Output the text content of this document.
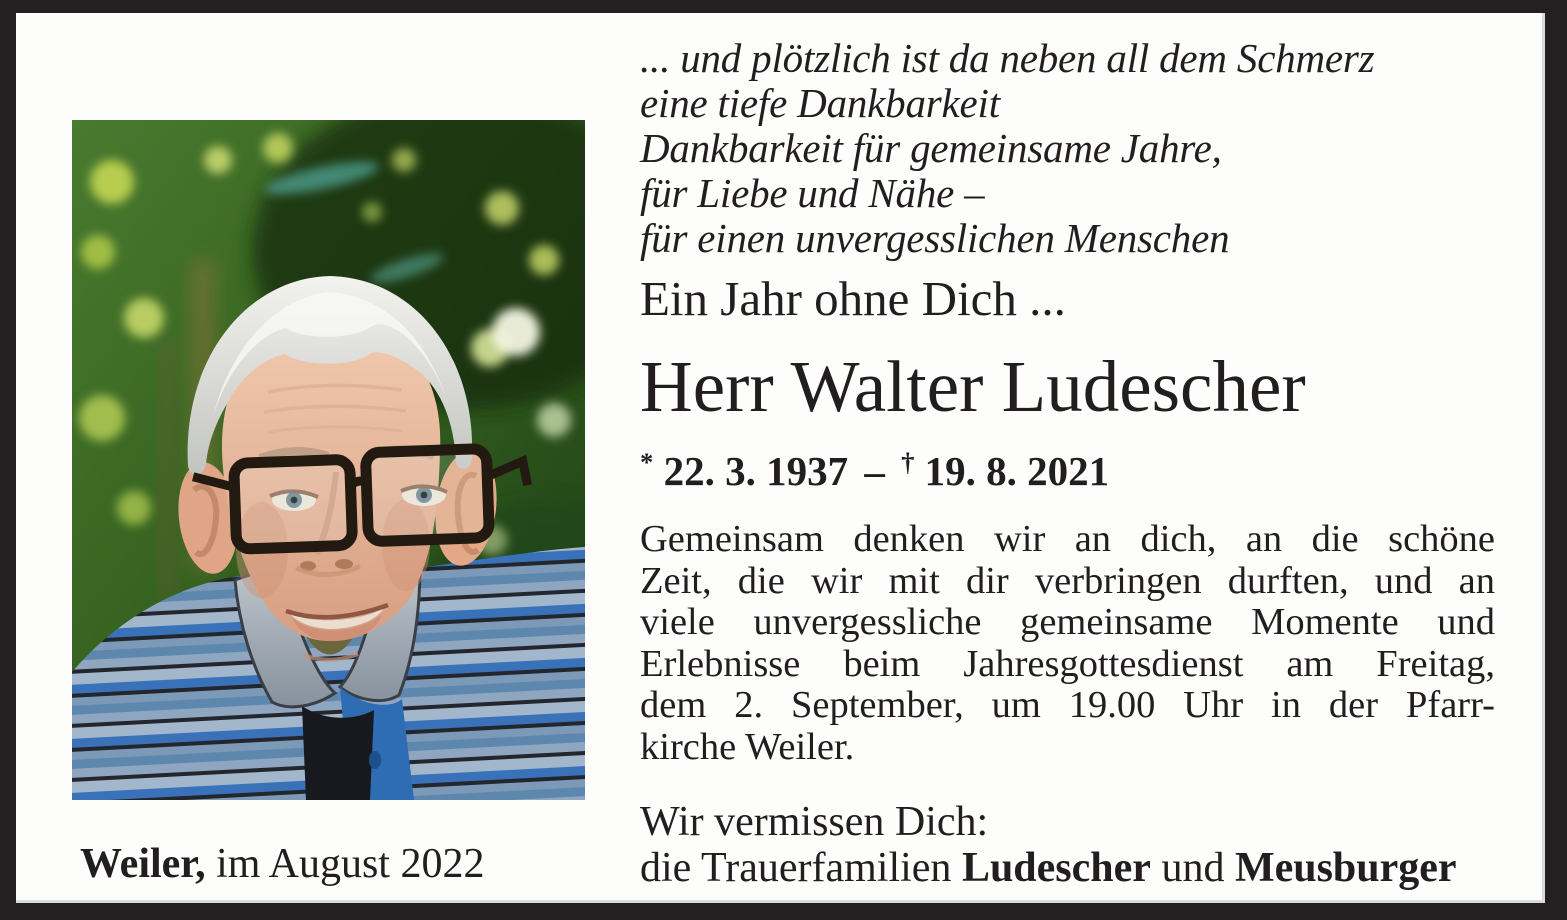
... und plötzlich ist da neben all dem Schmerz
eine tiefe Dankbarkeit
Dankbarkeit für gemeinsame Jahre,
für Liebe und Nähe –
für einen unvergesslichen Menschen
Ein Jahr ohne Dich ...
Herr Walter Ludescher
* 22. 3. 1937 – † 19. 8. 2021
Gemeinsam denken wir an dich, an die schöne
Zeit, die wir mit dir verbringen durften, und an
viele unvergessliche gemeinsame Momente und
Erlebnisse beim Jahresgottesdienst am Freitag,
dem 2. September, um 19.00 Uhr in der Pfarr-
kirche Weiler.
Wir vermissen Dich:
die Trauerfamilien Ludescher und Meusburger
Weiler, im August 2022
